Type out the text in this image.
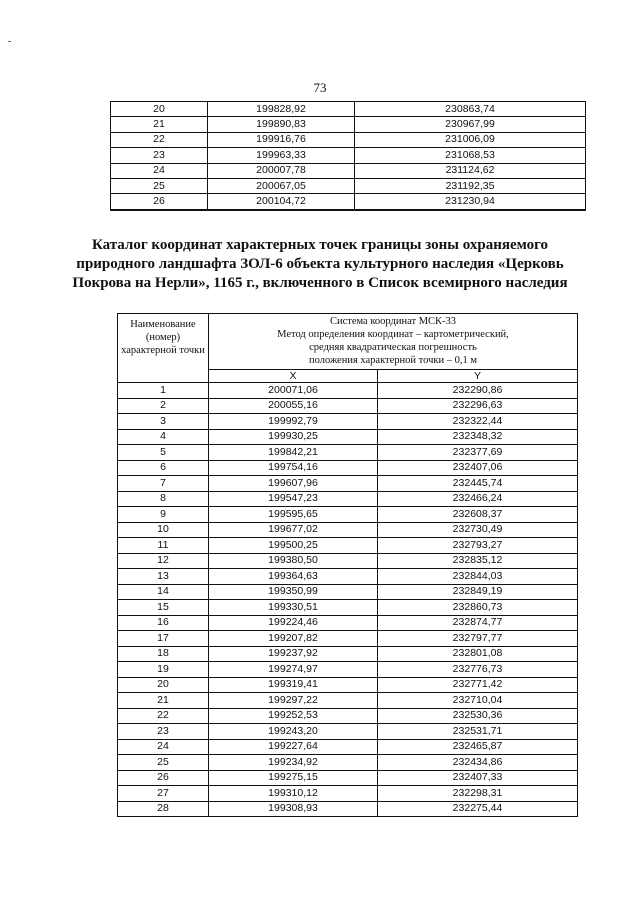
-
73
20	199828,92	230863,74
21	199890,83	230967,99
22	199916,76	231006,09
23	199963,33	231068,53
24	200007,78	231124,62
25	200067,05	231192,35
26	200104,72	231230,94
Каталог координат характерных точек границы зоны охраняемого природного ландшафта ЗОЛ-6 объекта культурного наследия «Церковь Покрова на Нерли», 1165 г., включенного в Список всемирного наследия
Наименование (номер) характерной точки	Система координат МСК-33
Метод определения координат – картометрический,
средняя квадратическая погрешность
положения характерной точки – 0,1 м	

	X	Y
1	200071,06	232290,86
2	200055,16	232296,63
3	199992,79	232322,44
4	199930,25	232348,32
5	199842,21	232377,69
6	199754,16	232407,06
7	199607,96	232445,74
8	199547,23	232466,24
9	199595,65	232608,37
10	199677,02	232730,49
11	199500,25	232793,27
12	199380,50	232835,12
13	199364,63	232844,03
14	199350,99	232849,19
15	199330,51	232860,73
16	199224,46	232874,77
17	199207,82	232797,77
18	199237,92	232801,08
19	199274,97	232776,73
20	199319,41	232771,42
21	199297,22	232710,04
22	199252,53	232530,36
23	199243,20	232531,71
24	199227,64	232465,87
25	199234,92	232434,86
26	199275,15	232407,33
27	199310,12	232298,31
28	199308,93	232275,44
